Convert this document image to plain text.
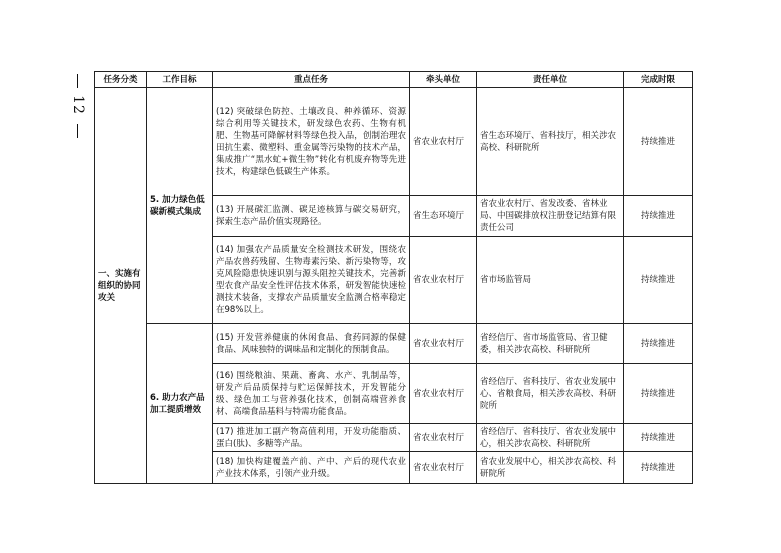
12
任务分类	工作目标	重点任务	牵头单位	责任单位	完成时限
一、实施有组织的协同攻关	5. 加力绿色低碳新模式集成	(12) 突破绿色防控、土壤改良、种养循环、资源综合利用等关键技术，研发绿色农药、生物有机肥、生物基可降解材料等绿色投入品，创制治理农田抗生素、微塑料、重金属等污染物的技术产品，集成推广“黑水虻+微生物”转化有机废弃物等先进技术，构建绿色低碳生产体系。	省农业农村厅	省生态环境厅、省科技厅，相关涉农高校、科研院所	持续推进
		(13) 开展碳汇监测、碳足迹核算与碳交易研究，探索生态产品价值实现路径。	省生态环境厅	省农业农村厅、省发改委、省林业局、中国碳排放权注册登记结算有限责任公司	持续推进
		(14) 加强农产品质量安全检测技术研发，围绕农产品农兽药残留、生物毒素污染、新污染物等，攻克风险隐患快速识别与源头阻控关键技术，完善新型农食产品安全性评估技术体系，研发智能快速检测技术装备，支撑农产品质量安全监测合格率稳定在98%以上。	省农业农村厅	省市场监管局	持续推进
	6. 助力农产品加工提质增效	(15) 开发营养健康的休闲食品、食药同源的保健食品、风味独特的调味品和定制化的预制食品。	省农业农村厅	省经信厅、省市场监管局、省卫健委，相关涉农高校、科研院所	持续推进
		(16) 围绕粮油、果蔬、畜禽、水产、乳制品等，研发产后品质保持与贮运保鲜技术，开发智能分级、绿色加工与营养强化技术，创制高端营养食材、高端食品基料与特需功能食品。	省农业农村厅	省经信厅、省科技厅、省农业发展中心、省粮食局，相关涉农高校、科研院所	持续推进
		(17) 推进加工副产物高值利用，开发功能脂质、蛋白(肽)、多糖等产品。	省农业农村厅	省经信厅、省科技厅、省农业发展中心，相关涉农高校、科研院所	持续推进
		(18) 加快构建覆盖产前、产中、产后的现代农业产业技术体系，引领产业升级。	省农业农村厅	省农业发展中心，相关涉农高校、科研院所	持续推进
